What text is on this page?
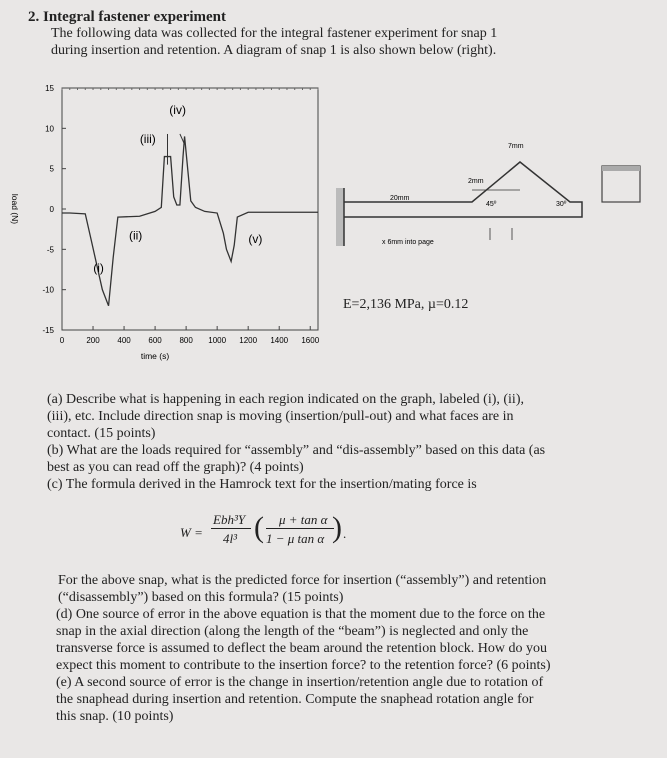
2. Integral fastener experiment
The following data was collected for the integral fastener experiment for snap 1
during insertion and retention. A diagram of snap 1 is also shown below (right).
15
10
5
0
-5
-10
-15
0	200 400 600 800 1000 1200 1400 1600
time (s)
load (N)
(i)
(ii)
(iii)
(iv)
(v)
20mm
2mm
7mm
45º	30º
x 6mm into page
E=2,136 MPa, µ=0.12
(a) Describe what is happening in each region indicated on the graph, labeled (i), (ii),
(iii), etc. Include direction snap is moving (insertion/pull-out) and what faces are in
contact. (15 points)
(b) What are the loads required for “assembly” and “dis-assembly” based on this data (as
best as you can read off the graph)? (4 points)
(c) The formula derived in the Hamrock text for the insertion/mating force is
W =
Ebh³Y
4l³ ( μ + tan α
1 − μ tan α ) .
For the above snap, what is the predicted force for insertion (“assembly”) and retention
(“disassembly”) based on this formula? (15 points)
(d) One source of error in the above equation is that the moment due to the force on the
snap in the axial direction (along the length of the “beam”) is neglected and only the
transverse force is assumed to deflect the beam around the retention block. How do you
expect this moment to contribute to the insertion force? to the retention force? (6 points)
(e) A second source of error is the change in insertion/retention angle due to rotation of
the snaphead during insertion and retention. Compute the snaphead rotation angle for
this snap. (10 points)
